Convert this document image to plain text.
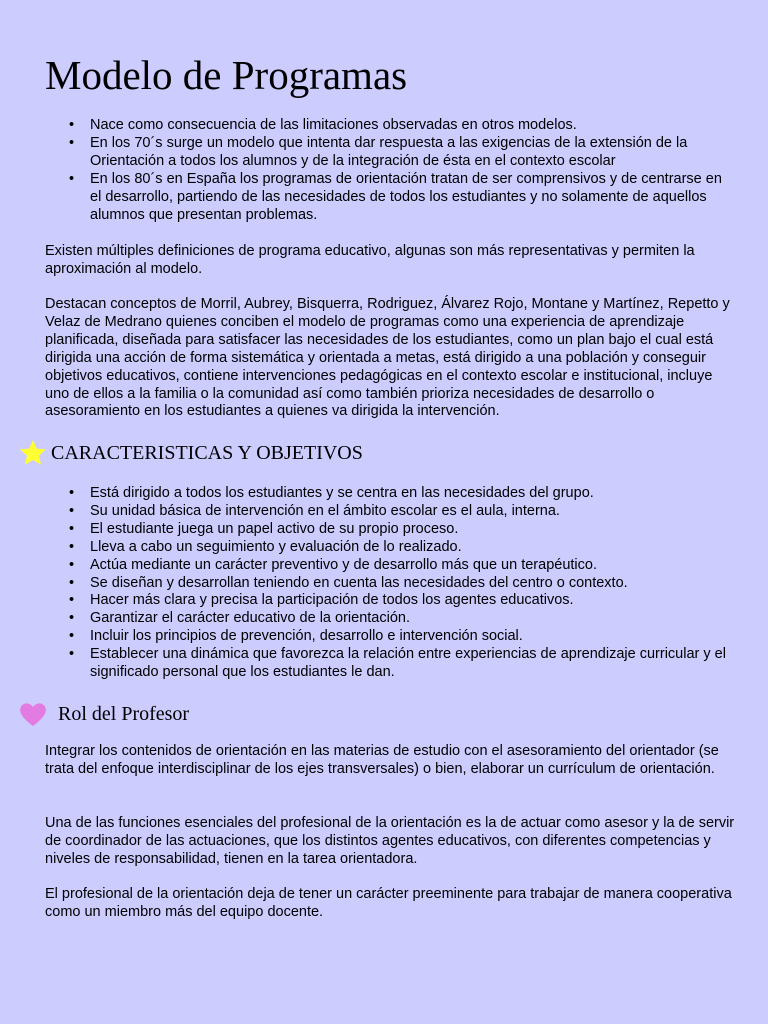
Modelo de Programas
• Nace como consecuencia de las limitaciones observadas en otros modelos.
• En los 70´s surge un modelo que intenta dar respuesta a las exigencias de la extensión de la Orientación a todos los alumnos y de la integración de ésta en el contexto escolar
• En los 80´s en España los programas de orientación tratan de ser comprensivos y de centrarse en el desarrollo, partiendo de las necesidades de todos los estudiantes y no solamente de aquellos alumnos que presentan problemas.

Existen múltiples definiciones de programa educativo, algunas son más representativas y permiten la aproximación al modelo.

Destacan conceptos de Morril, Aubrey, Bisquerra, Rodriguez, Álvarez Rojo, Montane y Martínez, Repetto y Velaz de Medrano quienes conciben el modelo de programas como una experiencia de aprendizaje planificada, diseñada para satisfacer las necesidades de los estudiantes, como un plan bajo el cual está dirigida una acción de forma sistemática y orientada a metas, está dirigido a una población y conseguir objetivos educativos, contiene intervenciones pedagógicas en el contexto escolar e institucional, incluye uno de ellos a la familia o la comunidad así como también prioriza necesidades de desarrollo o asesoramiento en los estudiantes a quienes va dirigida la intervención.

CARACTERISTICAS Y OBJETIVOS
• Está dirigido a todos los estudiantes y se centra en las necesidades del grupo.
• Su unidad básica de intervención en el ámbito escolar es el aula, interna.
• El estudiante juega un papel activo de su propio proceso.
• Lleva a cabo un seguimiento y evaluación de lo realizado.
• Actúa mediante un carácter preventivo y de desarrollo más que un terapéutico.
• Se diseñan y desarrollan teniendo en cuenta las necesidades del centro o contexto.
• Hacer más clara y precisa la participación de todos los agentes educativos.
• Garantizar el carácter educativo de la orientación.
• Incluir los principios de prevención, desarrollo e intervención social.
• Establecer una dinámica que favorezca la relación entre experiencias de aprendizaje curricular y el significado personal que los estudiantes le dan.
Rol del Profesor

Integrar los contenidos de orientación en las materias de estudio con el asesoramiento del orientador (se trata del enfoque interdisciplinar de los ejes transversales) o bien, elaborar un currículum de orientación.

Una de las funciones esenciales del profesional de la orientación es la de actuar como asesor y la de servir de coordinador de las actuaciones, que los distintos agentes educativos, con diferentes competencias y niveles de responsabilidad, tienen en la tarea orientadora.

El profesional de la orientación deja de tener un carácter preeminente para trabajar de manera cooperativa como un miembro más del equipo docente.
